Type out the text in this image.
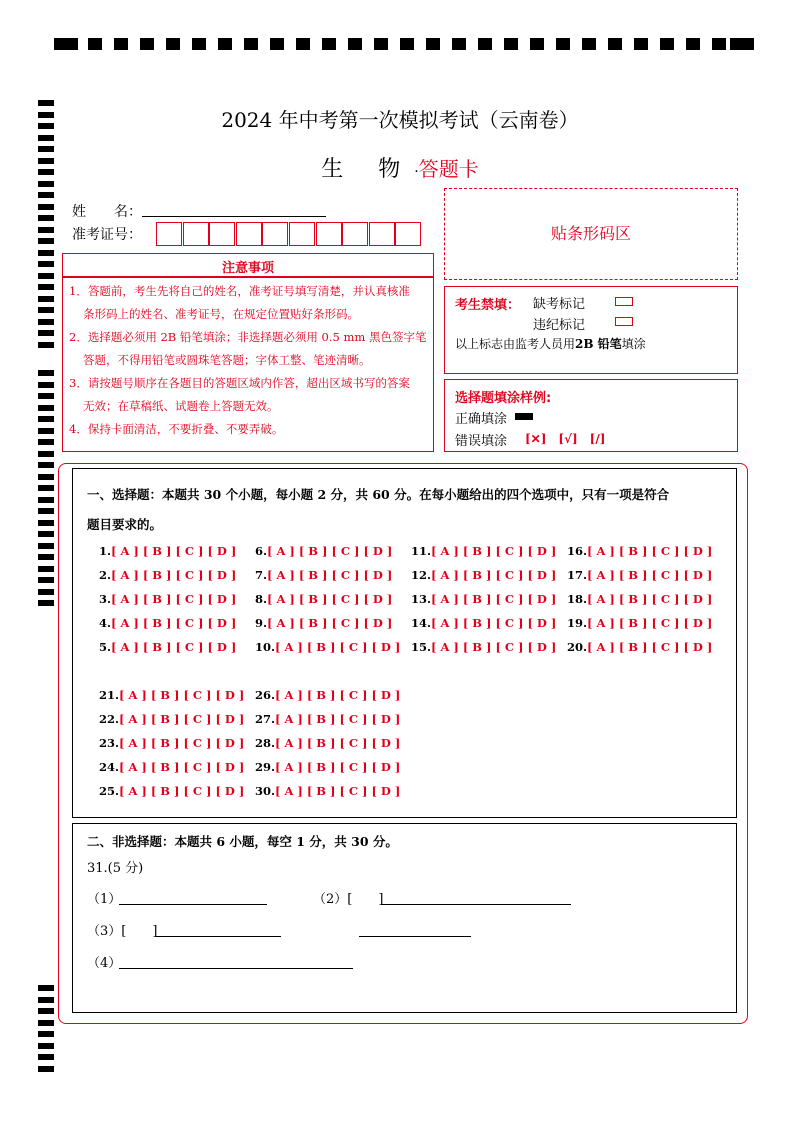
2024 年中考第一次模拟考试（云南卷）
生 物·答题卡
姓　　名：
准考证号：	贴条形码区
注意事项
1．答题前，考生先将自己的姓名，准考证号填写清楚，并认真核准
条形码上的姓名、准考证号，在规定位置贴好条形码。
2．选择题必须用 2B 铅笔填涂；非选择题必须用 0.5 mm 黑色签字笔
答题，不得用铅笔或圆珠笔答题；字体工整、笔迹清晰。
3．请按题号顺序在各题目的答题区域内作答，超出区域书写的答案
无效；在草稿纸、试题卷上答题无效。
4．保持卡面清洁，不要折叠、不要弄破。
考生禁填： 缺考标记
违纪标记
以上标志由监考人员用2B 铅笔填涂
选择题填涂样例:
正确填涂
错误填涂 [✕]　[√]　[/]
一、选择题：本题共 30 个小题，每小题 2 分，共 60 分。在每小题给出的四个选项中，只有一项是符合
题目要求的。
1.[ A ] [ B ] [ C ] [ D ]
2.[ A ] [ B ] [ C ] [ D ]
3.[ A ] [ B ] [ C ] [ D ]
4.[ A ] [ B ] [ C ] [ D ]
5.[ A ] [ B ] [ C ] [ D ]
6.[ A ] [ B ] [ C ] [ D ]
7.[ A ] [ B ] [ C ] [ D ]
8.[ A ] [ B ] [ C ] [ D ]
9.[ A ] [ B ] [ C ] [ D ]
10.[ A ] [ B ] [ C ] [ D ]
11.[ A ] [ B ] [ C ] [ D ]
12.[ A ] [ B ] [ C ] [ D ]
13.[ A ] [ B ] [ C ] [ D ]
14.[ A ] [ B ] [ C ] [ D ]
15.[ A ] [ B ] [ C ] [ D ]
16.[ A ] [ B ] [ C ] [ D ]
17.[ A ] [ B ] [ C ] [ D ]
18.[ A ] [ B ] [ C ] [ D ]
19.[ A ] [ B ] [ C ] [ D ]
20.[ A ] [ B ] [ C ] [ D ]
21.[ A ] [ B ] [ C ] [ D ]
22.[ A ] [ B ] [ C ] [ D ]
23.[ A ] [ B ] [ C ] [ D ]
24.[ A ] [ B ] [ C ] [ D ]
25.[ A ] [ B ] [ C ] [ D ]
26.[ A ] [ B ] [ C ] [ D ]
27.[ A ] [ B ] [ C ] [ D ]
28.[ A ] [ B ] [ C ] [ D ]
29.[ A ] [ B ] [ C ] [ D ]
30.[ A ] [ B ] [ C ] [ D ]
二、非选择题：本题共 6 小题，每空 1 分，共 30 分。
31.(5 分)
（1）	（2）[　　]
（3）[　　]
（4）
